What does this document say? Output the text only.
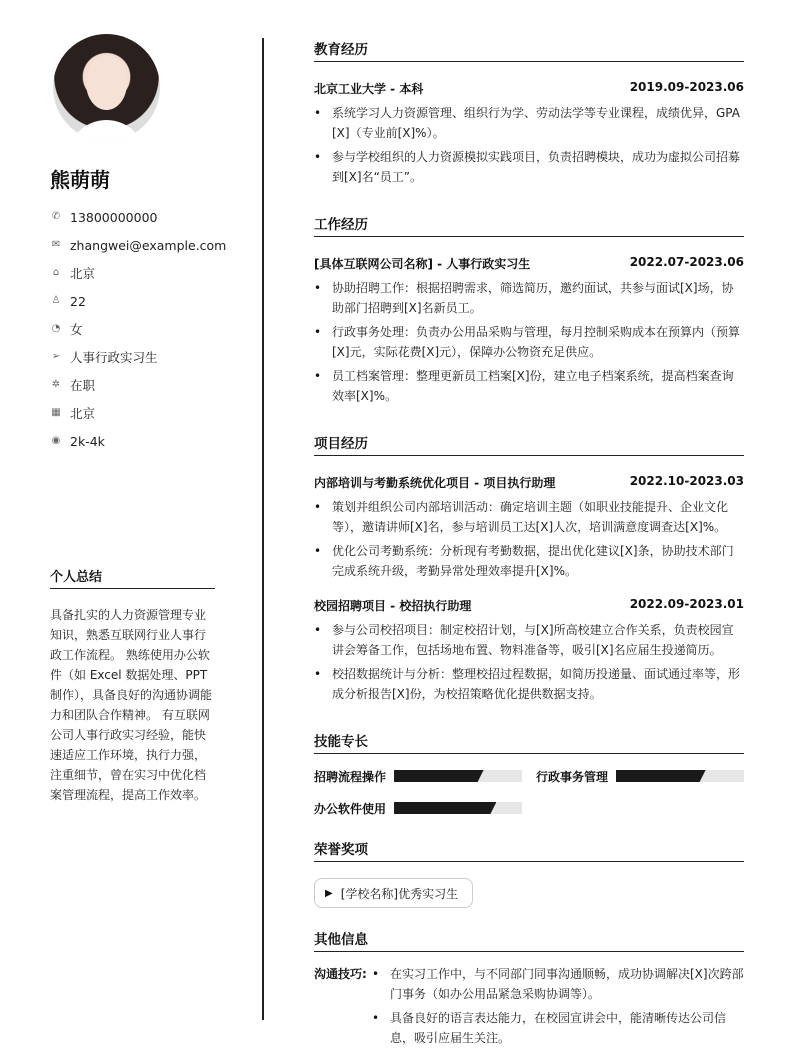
熊萌萌
✆ 13800000000
✉ zhangwei@example.com
⌂ 北京
♙ 22
◔ 女
➢ 人事行政实习生
✲ 在职
▦ 北京
◉ 2k-4k
个人总结
具备扎实的人力资源管理专业知识，熟悉互联网行业人事行政工作流程。 熟练使用办公软件（如 Excel 数据处理、PPT 制作），具备良好的沟通协调能力和团队合作精神。 有互联网公司人事行政实习经验，能快速适应工作环境，执行力强，注重细节，曾在实习中优化档案管理流程，提高工作效率。
教育经历
北京工业大学 - 本科	2019.09-2023.06
• 系统学习人力资源管理、组织行为学、劳动法学等专业课程，成绩优异，GPA [X]（专业前[X]%）。
• 参与学校组织的人力资源模拟实践项目，负责招聘模块，成功为虚拟公司招募到[X]名“员工”。
工作经历
[具体互联网公司名称] - 人事行政实习生	2022.07-2023.06
• 协助招聘工作：根据招聘需求，筛选简历，邀约面试，共参与面试[X]场，协助部门招聘到[X]名新员工。
• 行政事务处理：负责办公用品采购与管理，每月控制采购成本在预算内（预算[X]元，实际花费[X]元），保障办公物资充足供应。
• 员工档案管理：整理更新员工档案[X]份，建立电子档案系统，提高档案查询效率[X]%。
项目经历
内部培训与考勤系统优化项目 - 项目执行助理	2022.10-2023.03
• 策划并组织公司内部培训活动：确定培训主题（如职业技能提升、企业文化等），邀请讲师[X]名，参与培训员工达[X]人次，培训满意度调查达[X]%。
• 优化公司考勤系统：分析现有考勤数据，提出优化建议[X]条，协助技术部门完成系统升级，考勤异常处理效率提升[X]%。
校园招聘项目 - 校招执行助理	2022.09-2023.01
• 参与公司校招项目：制定校招计划，与[X]所高校建立合作关系，负责校园宣讲会筹备工作，包括场地布置、物料准备等，吸引[X]名应届生投递简历。
• 校招数据统计与分析：整理校招过程数据，如简历投递量、面试通过率等，形成分析报告[X]份，为校招策略优化提供数据支持。
技能专长
招聘流程操作	行政事务管理
办公软件使用
荣誉奖项
▶ [学校名称]优秀实习生
其他信息
沟通技巧:
•	在实习工作中，与不同部门同事沟通顺畅，成功协调解决[X]次跨部门事务（如办公用品紧急采购协调等）。
• 具备良好的语言表达能力，在校园宣讲会中，能清晰传达公司信息，吸引应届生关注。
